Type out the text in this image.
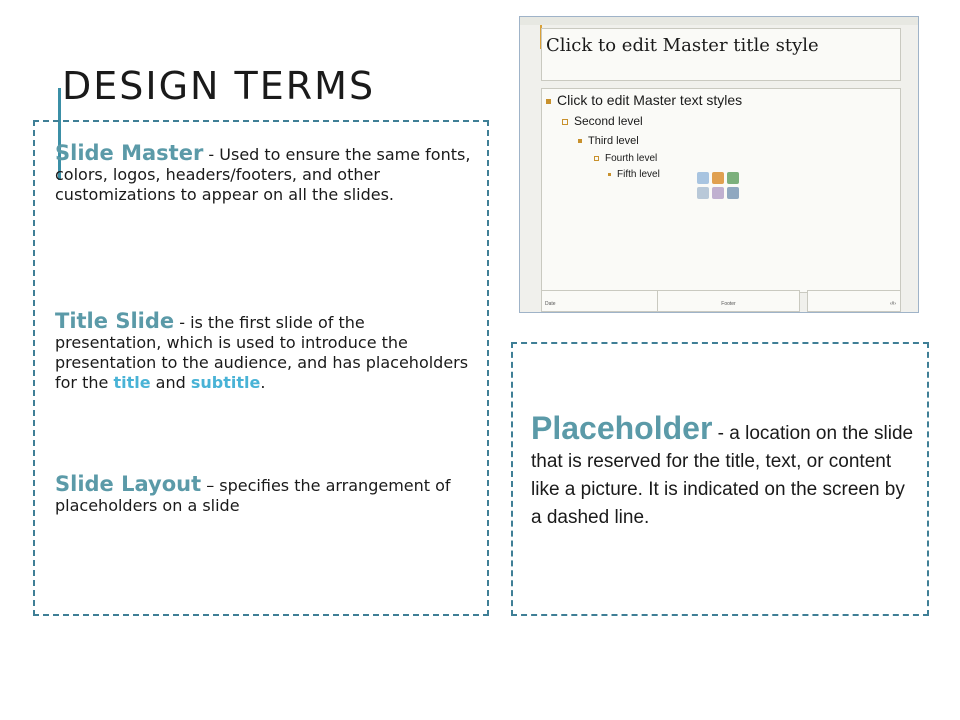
DESIGN TERMS
Slide Master - Used to ensure the same fonts, colors, logos, headers/footers, and other customizations to appear on all the slides.
Title Slide - is the first slide of the presentation, which is used to introduce the presentation to the audience, and has placeholders for the title and subtitle.
Slide Layout – specifies the arrangement of placeholders on a slide
Placeholder - a location on the slide that is reserved for the title, text, or content like a picture. It is indicated on the screen by a dashed line.
Click to edit Master title style
Click to edit Master text styles
Second level
Third level
Fourth level
Fifth level
Date	Footer	‹#›
